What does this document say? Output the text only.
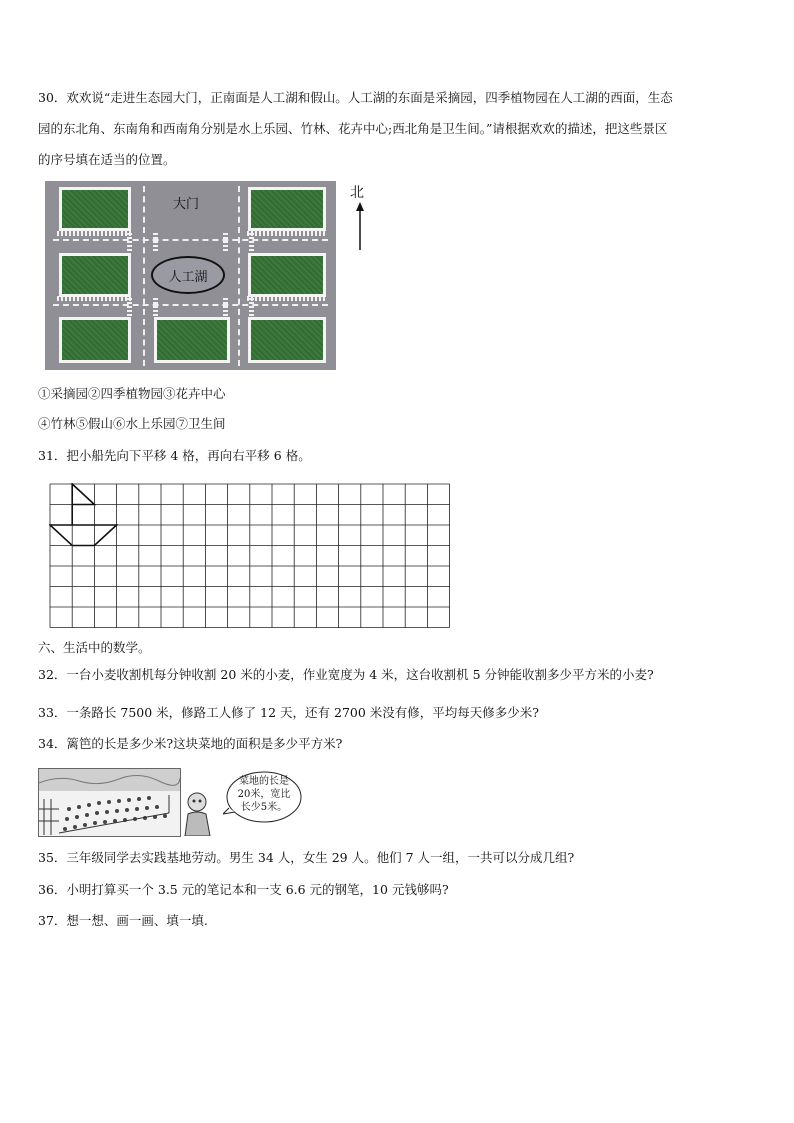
30．欢欢说“走进生态园大门，正南面是人工湖和假山。人工湖的东面是采摘园，四季植物园在人工湖的西面，生态
园的东北角、东南角和西南角分别是水上乐园、竹林、花卉中心;西北角是卫生间。”请根据欢欢的描述，把这些景区
的序号填在适当的位置。
大门
人工湖
北
①采摘园②四季植物园③花卉中心
④竹林⑤假山⑥水上乐园⑦卫生间
31．把小船先向下平移 4 格，再向右平移 6 格。
六、生活中的数学。
32．一台小麦收割机每分钟收割 20 米的小麦，作业宽度为 4 米，这台收割机 5 分钟能收割多少平方米的小麦?
33．一条路长 7500 米，修路工人修了 12 天，还有 2700 米没有修，平均每天修多少米?
34．篱笆的长是多少米?这块菜地的面积是多少平方米?
菜地的长是
20米，宽比
长少5米。
35．三年级同学去实践基地劳动。男生 34 人，女生 29 人。他们 7 人一组，一共可以分成几组?
36．小明打算买一个 3.5 元的笔记本和一支 6.6 元的钢笔，10 元钱够吗?
37．想一想、画一画、填一填.
